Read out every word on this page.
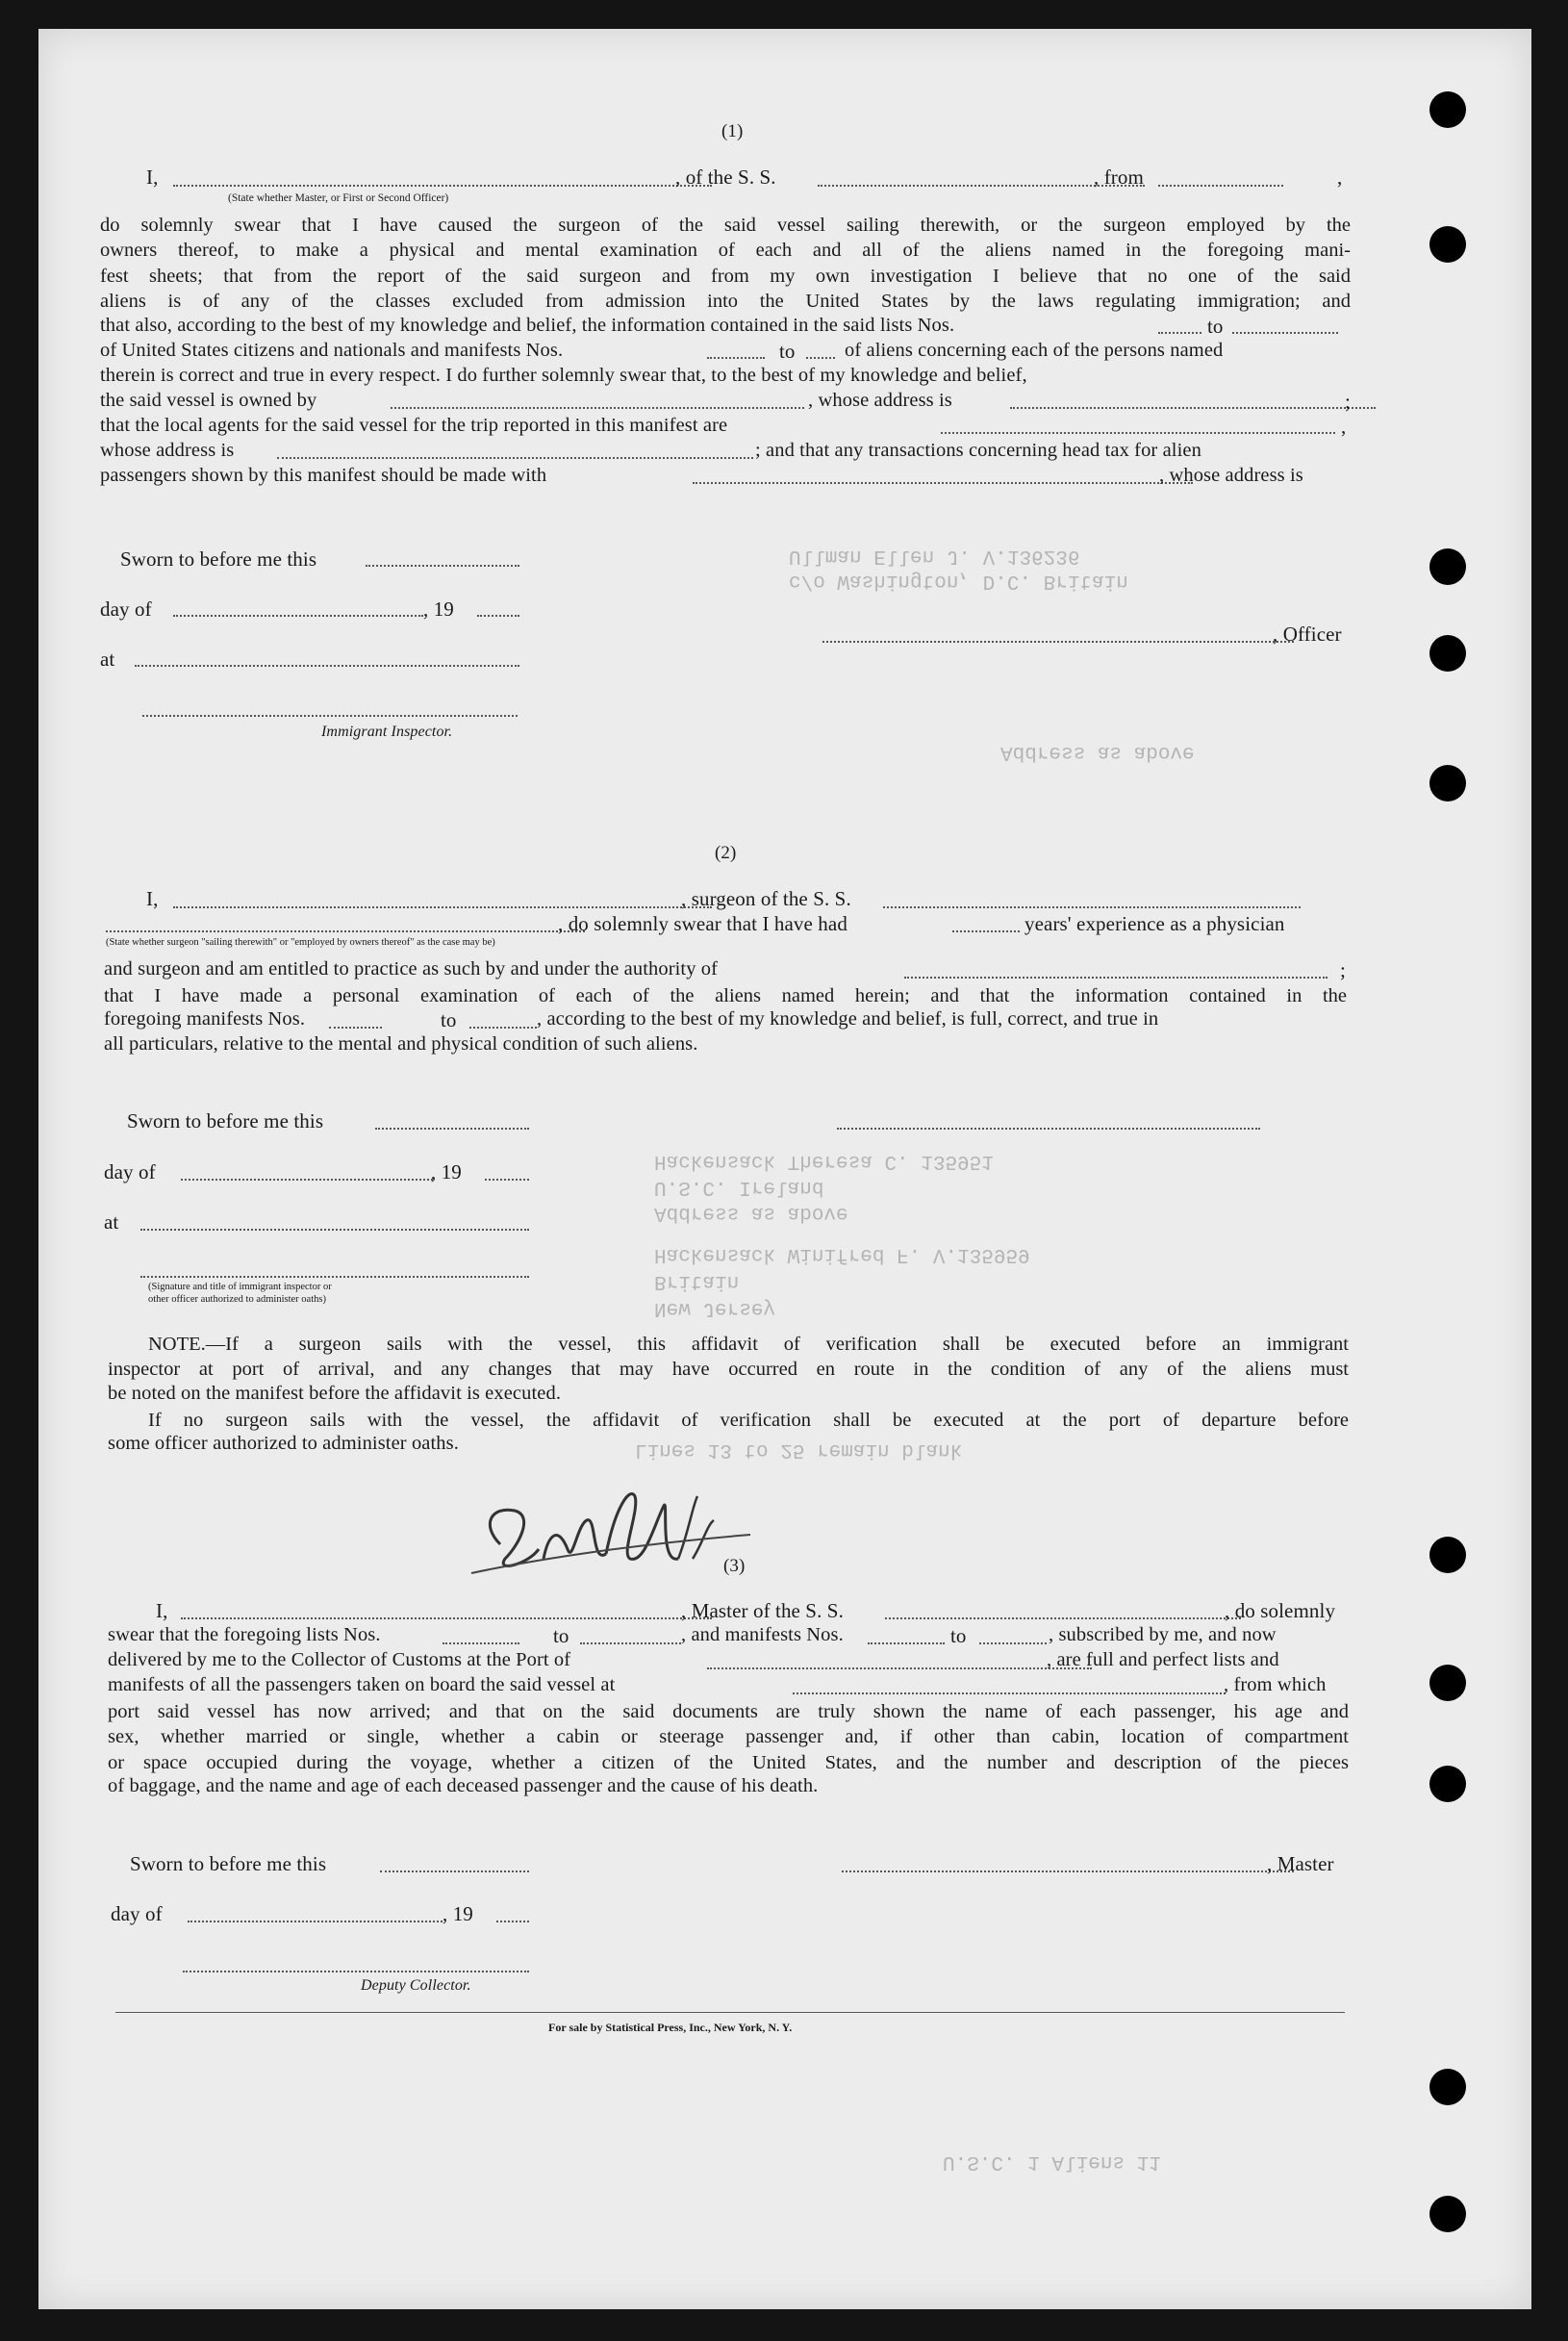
Ullman Ellen J. V.136236
c/o Washington, D.C. Britain
Address as above
Hackensack Theresa C. 135951
U.S.C. Ireland
Address as above
Hackensack Winifred F. V.135959
Britain
New Jersey
Lines 13 to 25 remain blank
U.S.C. 1 Aliens 11
(1)
I,
(State whether Master, or First or Second Officer)
, of the S. S.	, from	,
do solemnly swear that I have caused the surgeon of the said vessel sailing therewith, or the surgeon employed by the
owners thereof, to make a physical and mental examination of each and all of the aliens named in the foregoing mani-
fest sheets; that from the report of the said surgeon and from my own investigation I believe that no one of the said
aliens is of any of the classes excluded from admission into the United States by the laws regulating immigration; and
that also, according to the best of my knowledge and belief, the information contained in the said lists Nos.	to
of United States citizens and nationals and manifests Nos.	to	of aliens concerning each of the persons named
therein is correct and true in every respect. I do further solemnly swear that, to the best of my knowledge and belief,
the said vessel is owned by	, whose address is	;
that the local agents for the said vessel for the trip reported in this manifest are	,
whose address is	; and that any transactions concerning head tax for alien
passengers shown by this manifest should be made with	, whose address is
Sworn to before me this
day of	, 19
at
, Officer
Immigrant Inspector.
(2)
I,	, surgeon of the S. S.
, do solemnly swear that I have had	years' experience as a physician
(State whether surgeon "sailing therewith" or "employed by owners thereof" as the case may be)
and surgeon and am entitled to practice as such by and under the authority of	;
that I have made a personal examination of each of the aliens named herein; and that the information contained in the
foregoing manifests Nos.	to	, according to the best of my knowledge and belief, is full, correct, and true in
all particulars, relative to the mental and physical condition of such aliens.
Sworn to before me this
day of	, 19
at
(Signature and title of immigrant inspector or
other officer authorized to administer oaths)
NOTE.—If a surgeon sails with the vessel, this affidavit of verification shall be executed before an immigrant
inspector at port of arrival, and any changes that may have occurred en route in the condition of any of the aliens must
be noted on the manifest before the affidavit is executed.
If no surgeon sails with the vessel, the affidavit of verification shall be executed at the port of departure before
some officer authorized to administer oaths.
(3)
I,	, Master of the S. S.	, do solemnly
swear that the foregoing lists Nos.	to	, and manifests Nos.	to	, subscribed by me, and now
delivered by me to the Collector of Customs at the Port of	, are full and perfect lists and
manifests of all the passengers taken on board the said vessel at	, from which
port said vessel has now arrived; and that on the said documents are truly shown the name of each passenger, his age and
sex, whether married or single, whether a cabin or steerage passenger and, if other than cabin, location of compartment
or space occupied during the voyage, whether a citizen of the United States, and the number and description of the pieces
of baggage, and the name and age of each deceased passenger and the cause of his death.
Sworn to before me this	, Master
day of	, 19
Deputy Collector.
For sale by Statistical Press, Inc., New York, N. Y.
